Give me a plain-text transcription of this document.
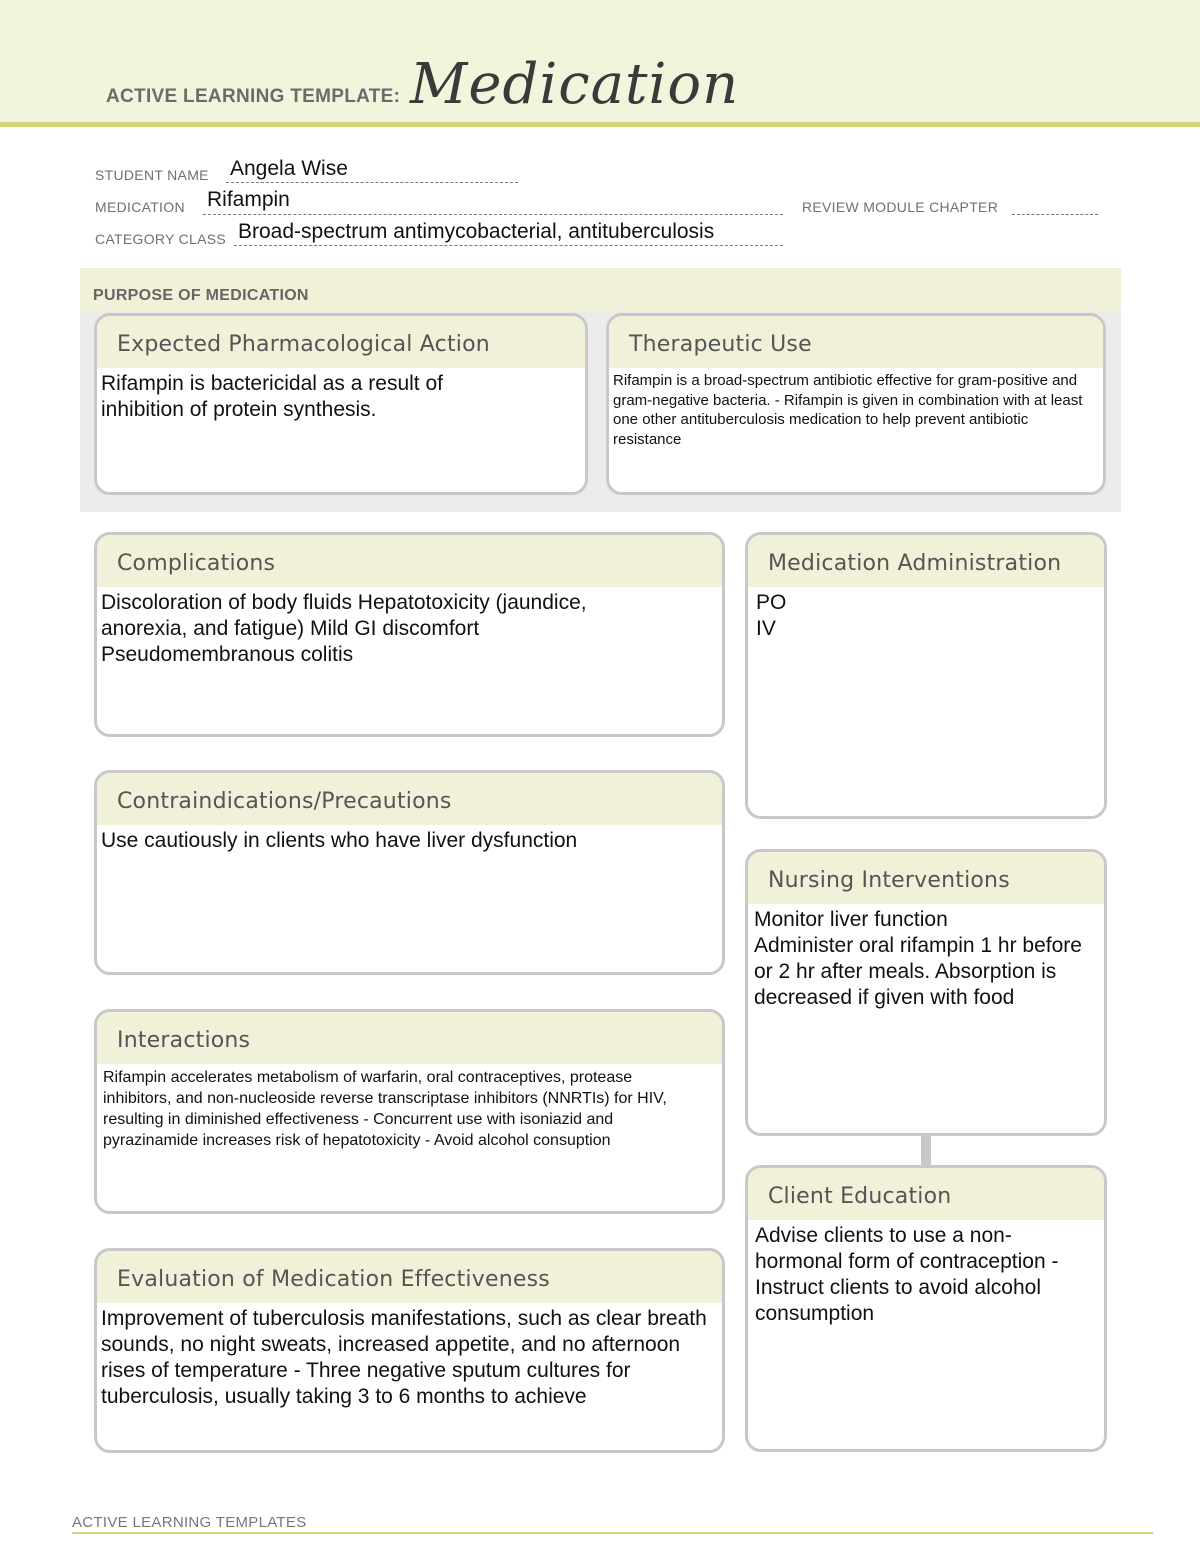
ACTIVE LEARNING TEMPLATE: Medication
STUDENT NAME Angela Wise
MEDICATION Rifampin	REVIEW MODULE CHAPTER
CATEGORY CLASS Broad-spectrum antimycobacterial, antituberculosis
PURPOSE OF MEDICATION
Expected Pharmacological Action
Rifampin is bactericidal as a result of inhibition of protein synthesis.
Therapeutic Use
Rifampin is a broad-spectrum antibiotic effective for gram-positive and gram-negative bacteria. - Rifampin is given in combination with at least one other antituberculosis medication to help prevent antibiotic resistance
Complications
Discoloration of body fluids Hepatotoxicity (jaundice, anorexia, and fatigue) Mild GI discomfort Pseudomembranous colitis
Medication Administration
PO
IV
Contraindications/Precautions
Use cautiously in clients who have liver dysfunction
Nursing Interventions
Monitor liver function
Administer oral rifampin 1 hr before or 2 hr after meals. Absorption is decreased if given with food
Interactions
Rifampin accelerates metabolism of warfarin, oral contraceptives, protease inhibitors, and non-nucleoside reverse transcriptase inhibitors (NNRTIs) for HIV, resulting in diminished effectiveness - Concurrent use with isoniazid and pyrazinamide increases risk of hepatotoxicity - Avoid alcohol consuption
Client Education
Advise clients to use a non-hormonal form of contraception - Instruct clients to avoid alcohol consumption
Evaluation of Medication Effectiveness
Improvement of tuberculosis manifestations, such as clear breath sounds, no night sweats, increased appetite, and no afternoon rises of temperature - Three negative sputum cultures for tuberculosis, usually taking 3 to 6 months to achieve
ACTIVE LEARNING TEMPLATES
